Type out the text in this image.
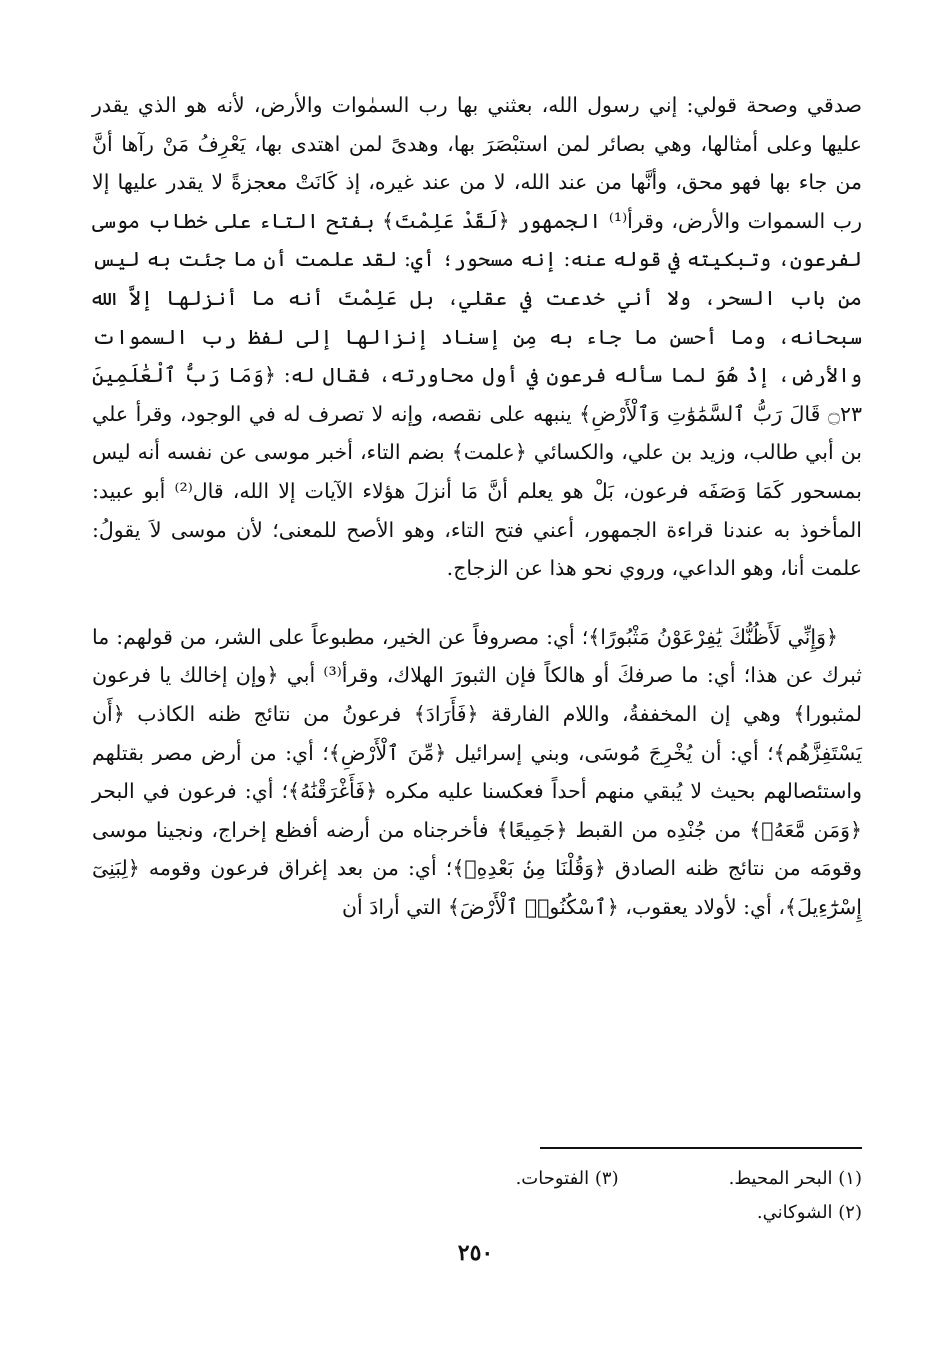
صدقي وصحة قولي: إني رسول الله، بعثني بها رب السمٰوات والأرض، لأنه هو الذي يقدر عليها وعلى أمثالها، وهي بصائر لمن استبْصَرَ بها، وهدىً لمن اهتدى بها، يَعْرِفُ مَنْ رآها أنَّ من جاء بها فهو محق، وأنَّها من عند الله، لا من عند غيره، إذ كَانَتْ معجزةً لا يقدر عليها إلا رب السموات والأرض، وقرأ⁽¹⁾ الجمهور ﴿لَقَدْ عَلِمْتَ﴾ بفتح التاء على خطاب موسى لفرعون، وتبكيته في قوله عنه: إنه مسحور؛ أي: لقد علمت أن ما جئت به ليس من باب السحر، ولا أني خدعت في عقلي، بل عَلِمْتَ أنه ما أنزلها إلاَّ الله سبحانه، وما أحسن ما جاء به مِن إسناد إنزالها إلى لفظ رب السموات والأرض، إذْ هُوَ لما سأله فرعون في أول محاورته، فقال له: ﴿وَمَا رَبُّ ٱلْعَٰلَمِينَ ۝٢٣ قَالَ رَبُّ ٱلسَّمَٰوَٰتِ وَٱلْأَرْضِ﴾ ينبهه على نقصه، وإنه لا تصرف له في الوجود، وقرأ علي بن أبي طالب، وزيد بن علي، والكسائي ﴿علمت﴾ بضم التاء، أخبر موسى عن نفسه أنه ليس بمسحور كَمَا وَصَفَه فرعون، بَلْ هو يعلم أنَّ مَا أنزلَ هؤلاء الآيات إلا الله، قال⁽²⁾ أبو عبيد: المأخوذ به عندنا قراءة الجمهور، أعني فتح التاء، وهو الأصح للمعنى؛ لأن موسى لاَ يقولُ: علمت أنا، وهو الداعي، وروي نحو هذا عن الزجاج.

﴿وَإِنِّي لَأَظُنُّكَ يَٰفِرْعَوْنُ مَثْبُورًا﴾؛ أي: مصروفاً عن الخير، مطبوعاً على الشر، من قولهم: ما ثبرك عن هذا؛ أي: ما صرفكَ أو هالكاً فإن الثبورَ الهلاك، وقرأ⁽³⁾ أبي ﴿وإن إخالك يا فرعون لمثبورا﴾ وهي إن المخففةُ، واللام الفارقة ﴿فَأَرَادَ﴾ فرعونُ من نتائج ظنه الكاذب ﴿أَن يَسْتَفِزَّهُم﴾؛ أي: أن يُخْرِجَ مُوسَى، وبني إسرائيل ﴿مِّنَ ٱلْأَرْضِ﴾؛ أي: من أرض مصر بقتلهم واستئصالهم بحيث لا يُبقي منهم أحداً فعكسنا عليه مكره ﴿فَأَغْرَقْنَٰهُ﴾؛ أي: فرعون في البحر ﴿وَمَن مَّعَهُۥ﴾ من جُنْدِه من القبط ﴿جَمِيعًا﴾ فأخرجناه من أرضه أفظع إخراج، ونجينا موسى وقومَه من نتائج ظنه الصادق ﴿وَقُلْنَا مِنۢ بَعْدِهِۦ﴾؛ أي: من بعد إغراق فرعون وقومه ﴿لِبَنِىٓ إِسْرَٰٓءِيلَ﴾، أي: لأولاد يعقوب، ﴿ٱسْكُنُوا۟ ٱلْأَرْضَ﴾ التي أرادَ أن

(١) البحر المحيط.
(٣) الفتوحات.
(٢) الشوكاني.
٢٥٠
